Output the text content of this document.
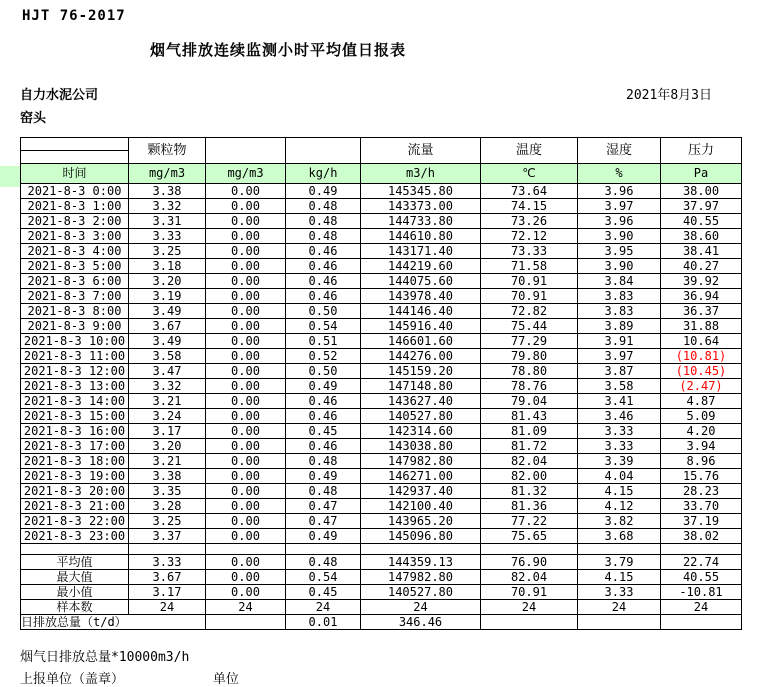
HJT 76-2017
烟气排放连续监测小时平均值日报表
自力水泥公司	2021年8月3日
窑头
	颗粒物			流量	温度	湿度	压力

时间	mg/m3	mg/m3	kg/h	m3/h	℃	%	Pa
2021-8-3 0:00	3.38	0.00	0.49	145345.80	73.64	3.96	38.00
2021-8-3 1:00	3.32	0.00	0.48	143373.00	74.15	3.97	37.97
2021-8-3 2:00	3.31	0.00	0.48	144733.80	73.26	3.96	40.55
2021-8-3 3:00	3.33	0.00	0.48	144610.80	72.12	3.90	38.60
2021-8-3 4:00	3.25	0.00	0.46	143171.40	73.33	3.95	38.41
2021-8-3 5:00	3.18	0.00	0.46	144219.60	71.58	3.90	40.27
2021-8-3 6:00	3.20	0.00	0.46	144075.60	70.91	3.84	39.92
2021-8-3 7:00	3.19	0.00	0.46	143978.40	70.91	3.83	36.94
2021-8-3 8:00	3.49	0.00	0.50	144146.40	72.82	3.83	36.37
2021-8-3 9:00	3.67	0.00	0.54	145916.40	75.44	3.89	31.88
2021-8-3 10:00	3.49	0.00	0.51	146601.60	77.29	3.91	10.64
2021-8-3 11:00	3.58	0.00	0.52	144276.00	79.80	3.97	(10.81)
2021-8-3 12:00	3.47	0.00	0.50	145159.20	78.80	3.87	(10.45)
2021-8-3 13:00	3.32	0.00	0.49	147148.80	78.76	3.58	(2.47)
2021-8-3 14:00	3.21	0.00	0.46	143627.40	79.04	3.41	4.87
2021-8-3 15:00	3.24	0.00	0.46	140527.80	81.43	3.46	5.09
2021-8-3 16:00	3.17	0.00	0.45	142314.60	81.09	3.33	4.20
2021-8-3 17:00	3.20	0.00	0.46	143038.80	81.72	3.33	3.94
2021-8-3 18:00	3.21	0.00	0.48	147982.80	82.04	3.39	8.96
2021-8-3 19:00	3.38	0.00	0.49	146271.00	82.00	4.04	15.76
2021-8-3 20:00	3.35	0.00	0.48	142937.40	81.32	4.15	28.23
2021-8-3 21:00	3.28	0.00	0.47	142100.40	81.36	4.12	33.70
2021-8-3 22:00	3.25	0.00	0.47	143965.20	77.22	3.82	37.19
2021-8-3 23:00	3.37	0.00	0.49	145096.80	75.65	3.68	38.02

平均值	3.33	0.00	0.48	144359.13	76.90	3.79	22.74
最大值	3.67	0.00	0.54	147982.80	82.04	4.15	40.55
最小值	3.17	0.00	0.45	140527.80	70.91	3.33	-10.81
样本数	24	24	24	24	24	24	24
日排放总量（t/d）			0.01	346.46			
烟气日排放总量*10000m3/h
上报单位（盖章）	单位
